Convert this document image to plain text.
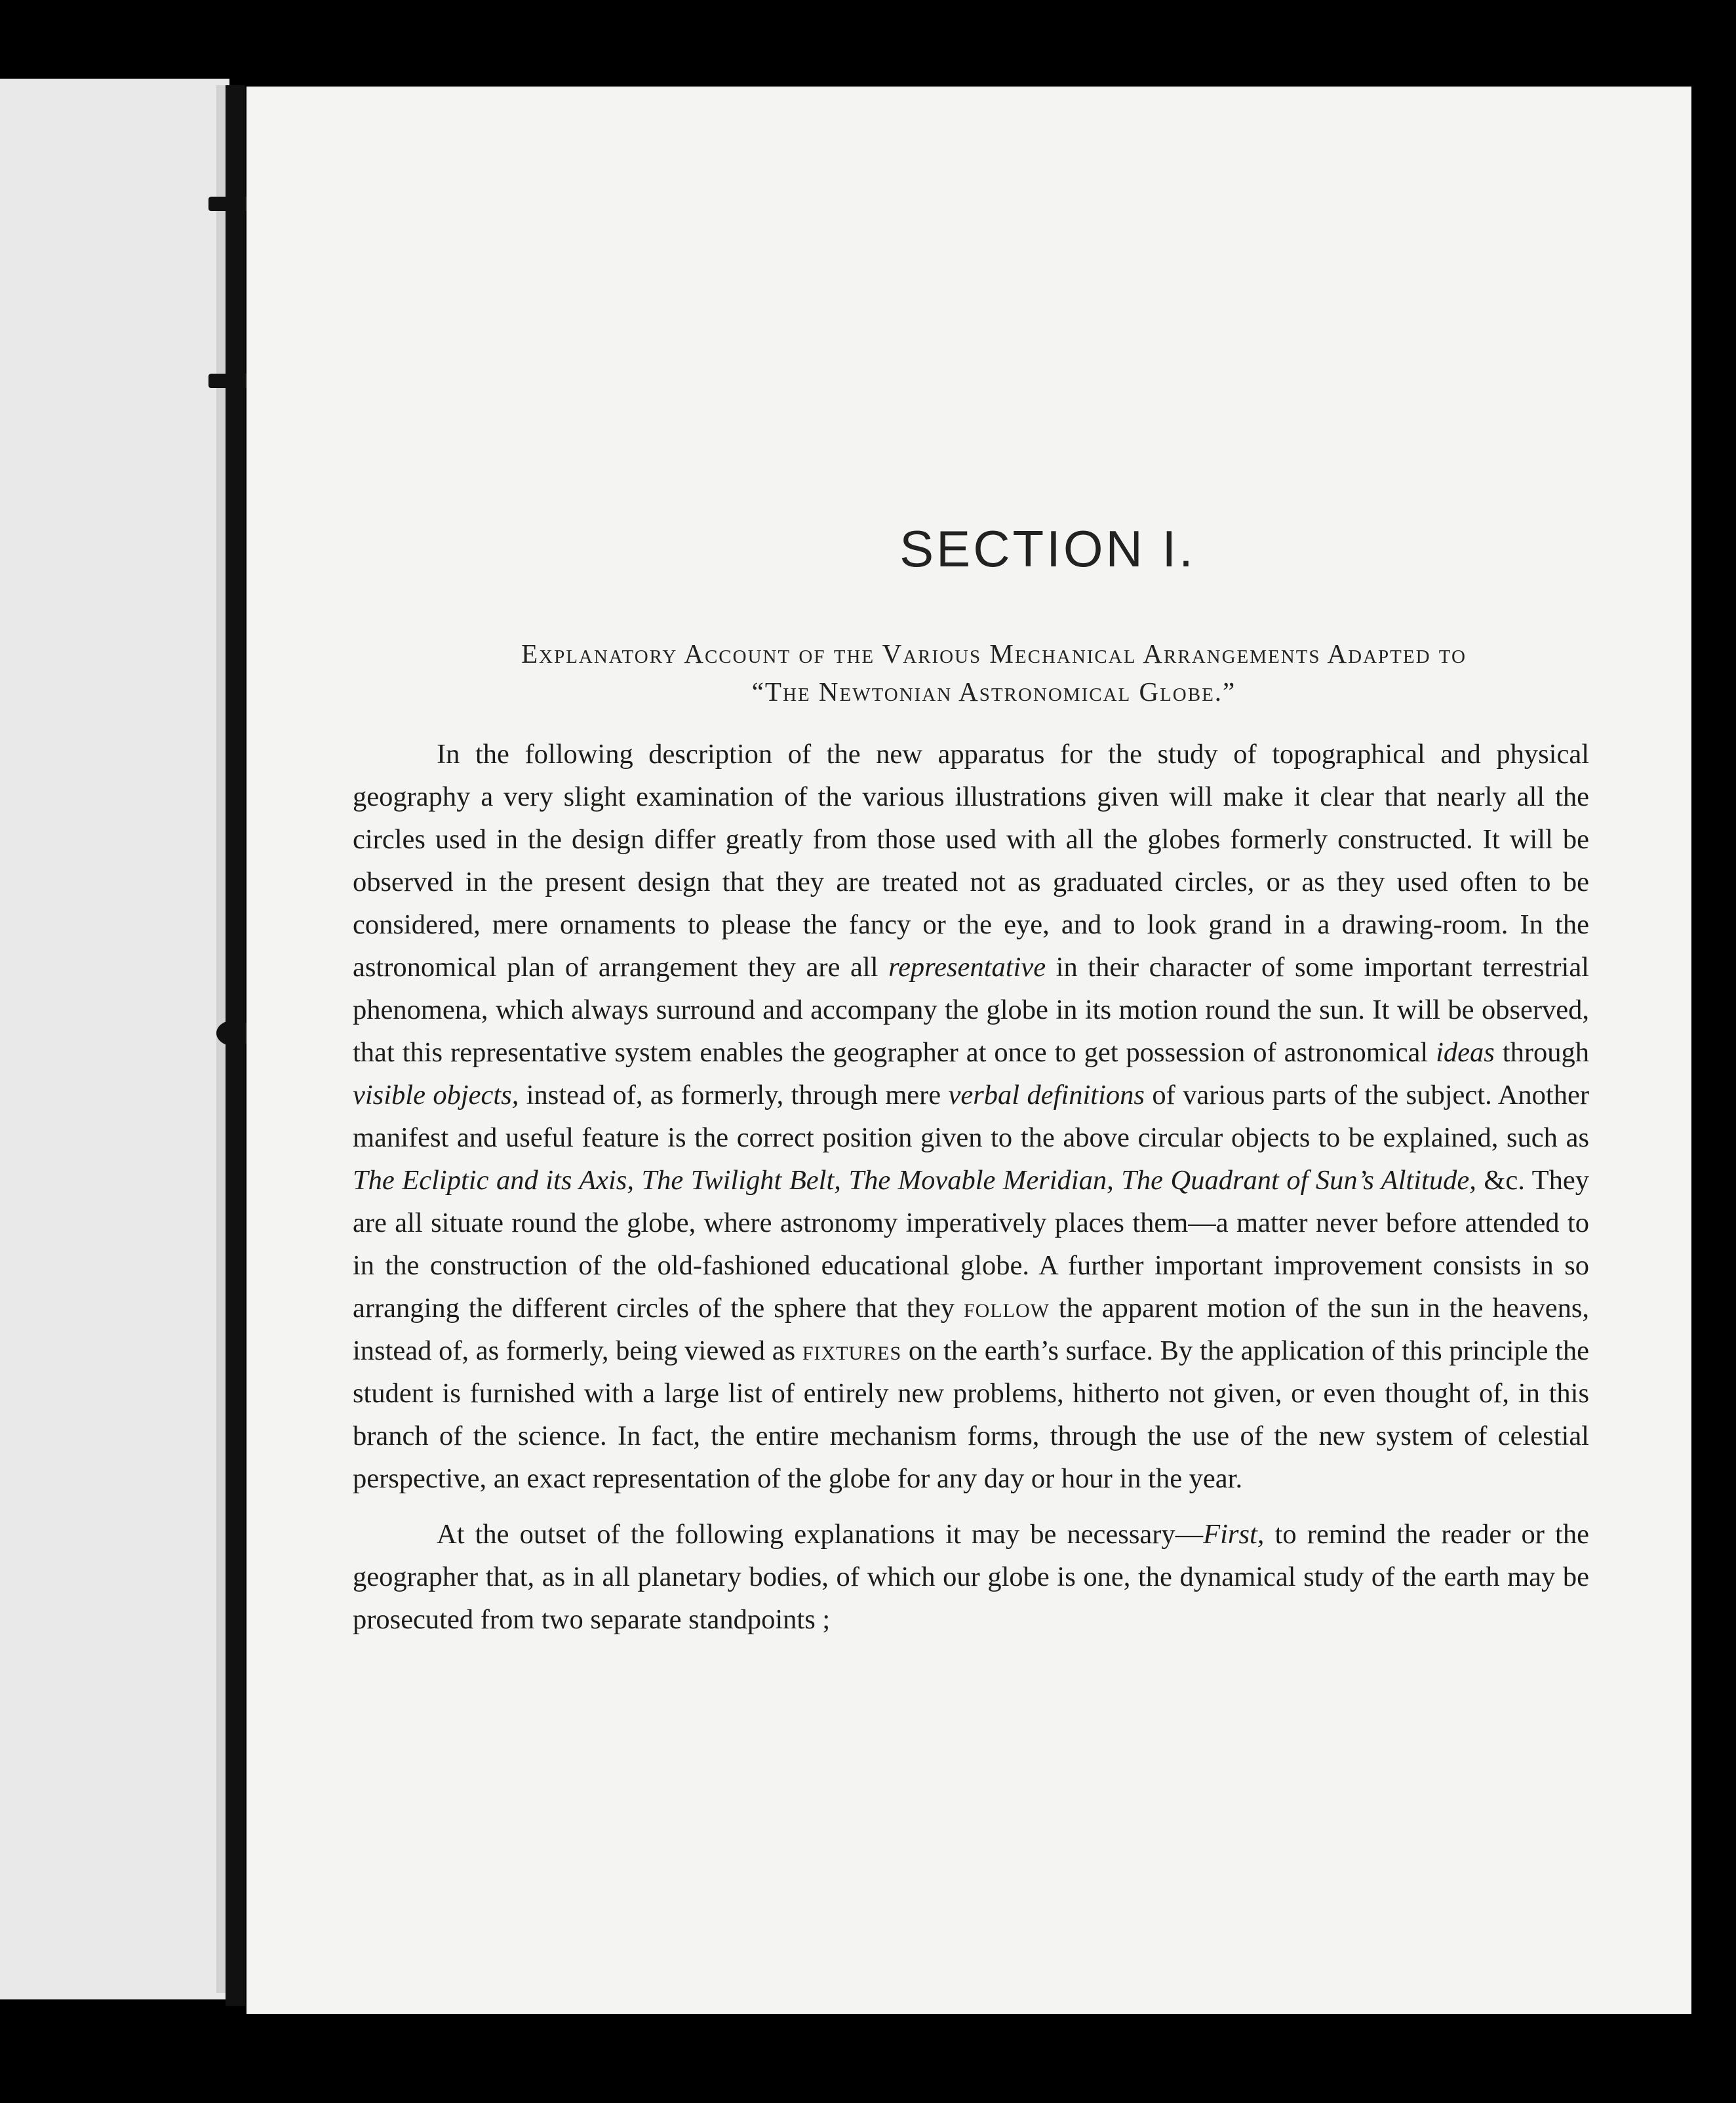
SECTION I.
Explanatory Account of the Various Mechanical Arrangements Adapted to
“The Newtonian Astronomical Globe.”

In the following description of the new apparatus for the study of topographical and physical geography a very slight examination of the various illustrations given will make it clear that nearly all the circles used in the design differ greatly from those used with all the globes formerly constructed. It will be observed in the present design that they are treated not as graduated circles, or as they used often to be considered, mere ornaments to please the fancy or the eye, and to look grand in a drawing-room. In the astronomical plan of arrangement they are all representative in their character of some important terrestrial phenomena, which always surround and accompany the globe in its motion round the sun. It will be observed, that this representative system enables the geographer at once to get possession of astronomical ideas through visible objects, instead of, as formerly, through mere verbal definitions of various parts of the subject. Another manifest and useful feature is the correct position given to the above circular objects to be explained, such as The Ecliptic and its Axis, The Twilight Belt, The Movable Meridian, The Quadrant of Sun’s Altitude, &c. They are all situate round the globe, where astronomy imperatively places them—a matter never before attended to in the construction of the old-fashioned educational globe. A further important improvement consists in so arranging the different circles of the sphere that they follow the apparent motion of the sun in the heavens, instead of, as formerly, being viewed as fixtures on the earth’s surface. By the application of this principle the student is furnished with a large list of entirely new problems, hitherto not given, or even thought of, in this branch of the science. In fact, the entire mechanism forms, through the use of the new system of celestial perspective, an exact representation of the globe for any day or hour in the year.

At the outset of the following explanations it may be necessary—First, to remind the reader or the geographer that, as in all planetary bodies, of which our globe is one, the dynamical study of the earth may be prosecuted from two separate standpoints ;
